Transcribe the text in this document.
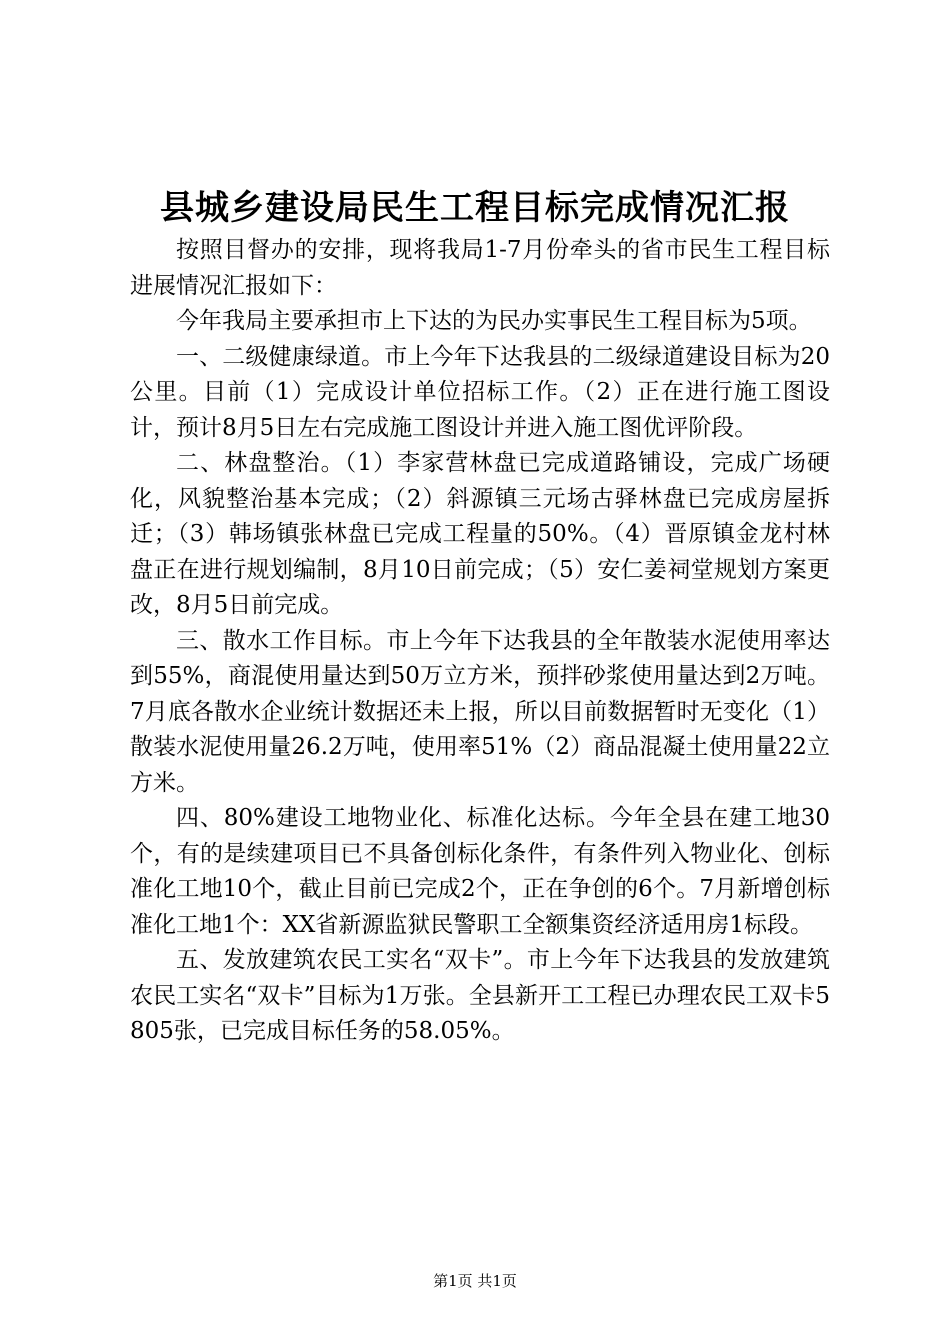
县城乡建设局民生工程目标完成情况汇报

按照目督办的安排，现将我局1-7月份牵头的省市民生工程目标进展情况汇报如下：

今年我局主要承担市上下达的为民办实事民生工程目标为5项。

一、二级健康绿道。市上今年下达我县的二级绿道建设目标为20公里。目前（1）完成设计单位招标工作。（2）正在进行施工图设计，预计8月5日左右完成施工图设计并进入施工图优评阶段。

二、林盘整治。（1）李家营林盘已完成道路铺设，完成广场硬化，风貌整治基本完成；（2）斜源镇三元场古驿林盘已完成房屋拆迁；（3）韩场镇张林盘已完成工程量的50%。（4）晋原镇金龙村林盘正在进行规划编制，8月10日前完成；（5）安仁姜祠堂规划方案更改，8月5日前完成。

三、散水工作目标。市上今年下达我县的全年散装水泥使用率达到55%，商混使用量达到50万立方米，预拌砂浆使用量达到2万吨。7月底各散水企业统计数据还未上报，所以目前数据暂时无变化（1）散装水泥使用量26.2万吨，使用率51%（2）商品混凝土使用量22立方米。

四、80%建设工地物业化、标准化达标。今年全县在建工地30个，有的是续建项目已不具备创标化条件，有条件列入物业化、创标准化工地10个，截止目前已完成2个，正在争创的6个。7月新增创标准化工地1个：XX省新源监狱民警职工全额集资经济适用房1标段。

五、发放建筑农民工实名“双卡”。市上今年下达我县的发放建筑农民工实名“双卡”目标为1万张。全县新开工工程已办理农民工双卡5805张，已完成目标任务的58.05%。

第1页 共1页
